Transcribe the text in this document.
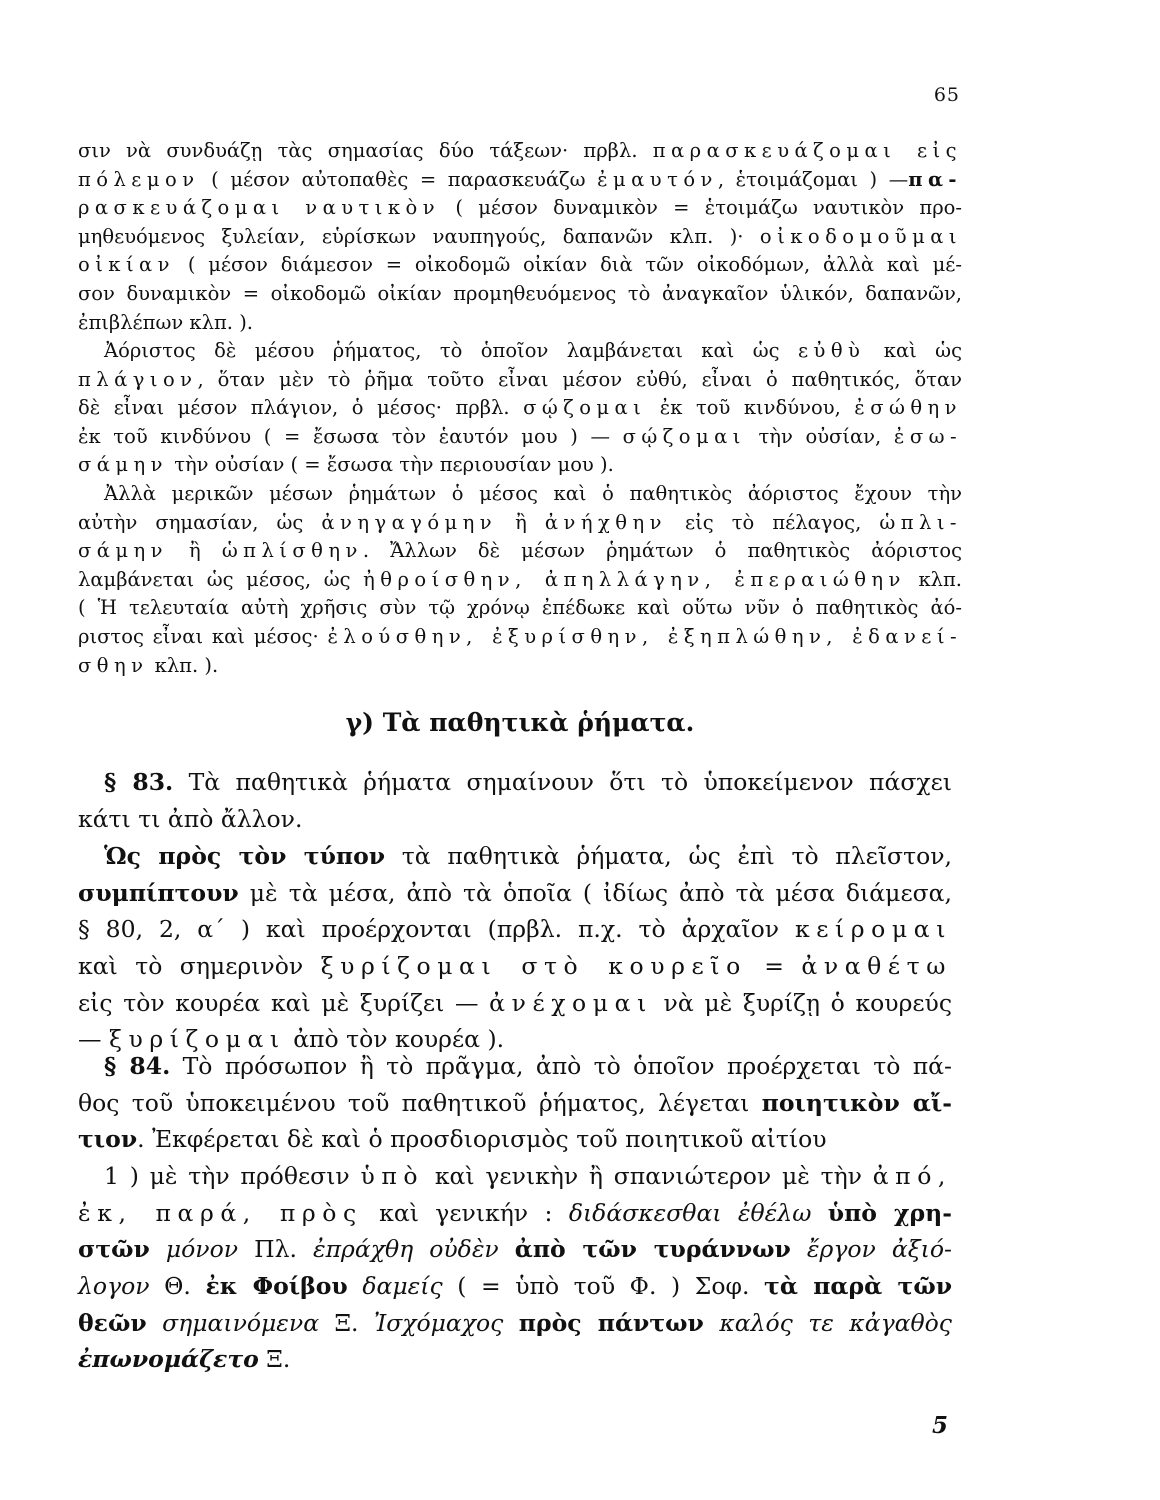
65
σιν νὰ συνδυάζῃ τὰς σημασίας δύο τάξεων· πρβλ. παρασκευάζομαι εἰς
πόλεμον ( μέσον αὐτοπαθὲς = παρασκευάζω ἐμαυτόν, ἑτοιμάζομαι ) —πα-
ρασκευάζομαι ναυτικὸν ( μέσον δυναμικὸν = ἑτοιμάζω ναυτικὸν προ-
μηθευόμενος ξυλείαν, εὑρίσκων ναυπηγούς, δαπανῶν κλπ. )· οἰκοδομοῦμαι
οἰκίαν ( μέσον διάμεσον = οἰκοδομῶ οἰκίαν διὰ τῶν οἰκοδόμων, ἀλλὰ καὶ μέ-
σον δυναμικὸν = οἰκοδομῶ οἰκίαν προμηθευόμενος τὸ ἀναγκαῖον ὑλικόν, δαπανῶν,
ἐπιβλέπων κλπ. ).
Ἀόριστος δὲ μέσου ῥήματος, τὸ ὁποῖον λαμβάνεται καὶ ὡς εὐθὺ καὶ ὡς
πλάγιον, ὅταν μὲν τὸ ῥῆμα τοῦτο εἶναι μέσον εὐθύ, εἶναι ὁ παθητικός, ὅταν
δὲ εἶναι μέσον πλάγιον, ὁ μέσος· πρβλ. σῴζομαι ἐκ τοῦ κινδύνου, ἐσώθην
ἐκ τοῦ κινδύνου ( = ἔσωσα τὸν ἑαυτόν μου ) — σῴζομαι τὴν οὐσίαν, ἐσω-
σάμην τὴν οὐσίαν ( = ἔσωσα τὴν περιουσίαν μου ).
Ἀλλὰ μερικῶν μέσων ῥημάτων ὁ μέσος καὶ ὁ παθητικὸς ἀόριστος ἔχουν τὴν
αὐτὴν σημασίαν, ὡς ἀνηγαγόμην ἢ ἀνήχθην εἰς τὸ πέλαγος, ὡπλι-
σάμην ἢ ὡπλίσθην. Ἄλλων δὲ μέσων ῥημάτων ὁ παθητικὸς ἀόριστος
λαμβάνεται ὡς μέσος, ὡς ἠθροίσθην, ἀπηλλάγην, ἐπεραιώθην κλπ.
( Ἡ τελευταία αὐτὴ χρῆσις σὺν τῷ χρόνῳ ἐπέδωκε καὶ οὕτω νῦν ὁ παθητικὸς ἀό-
ριστος εἶναι καὶ μέσος· ἐλούσθην, ἐξυρίσθην, ἐξηπλώθην, ἐδανεί-
σθην κλπ. ).
γ) Τὰ παθητικὰ ῥήματα.
§ 83. Τὰ παθητικὰ ῥήματα σημαίνουν ὅτι τὸ ὑποκείμενον πάσχει
κάτι τι ἀπὸ ἄλλον.
Ὡς πρὸς τὸν τύπον τὰ παθητικὰ ῥήματα, ὡς ἐπὶ τὸ πλεῖστον,
συμπίπτουν μὲ τὰ μέσα, ἀπὸ τὰ ὁποῖα ( ἰδίως ἀπὸ τὰ μέσα διάμεσα,
§ 80, 2, α΄ ) καὶ προέρχονται (πρβλ. π.χ. τὸ ἀρχαῖον κείρομαι
καὶ τὸ σημερινὸν ξυρίζομαι στὸ κουρεῖο = ἀναθέτω
εἰς τὸν κουρέα καὶ μὲ ξυρίζει — ἀνέχομαι νὰ μὲ ξυρίζῃ ὁ κουρεύς
— ξυρίζομαι ἀπὸ τὸν κουρέα ).
§ 84. Τὸ πρόσωπον ἢ τὸ πρᾶγμα, ἀπὸ τὸ ὁποῖον προέρχεται τὸ πά-
θος τοῦ ὑποκειμένου τοῦ παθητικοῦ ῥήματος, λέγεται ποιητικὸν αἴ-
τιον. Ἐκφέρεται δὲ καὶ ὁ προσδιορισμὸς τοῦ ποιητικοῦ αἰτίου
1 ) μὲ τὴν πρόθεσιν ὑπὸ καὶ γενικὴν ἢ σπανιώτερον μὲ τὴν ἀπό,
ἐκ, παρά, πρὸς καὶ γενικήν : διδάσκεσθαι ἐθέλω ὑπὸ χρη-
στῶν μόνον Πλ. ἐπράχθη οὐδὲν ἀπὸ τῶν τυράννων ἔργον ἀξιό-
λογον Θ. ἐκ Φοίβου δαμείς ( = ὑπὸ τοῦ Φ. ) Σοφ. τὰ παρὰ τῶν
θεῶν σημαινόμενα Ξ. Ἰσχόμαχος πρὸς πάντων καλός τε κἀγαθὸς
ἐπωνομάζετο Ξ.
5
